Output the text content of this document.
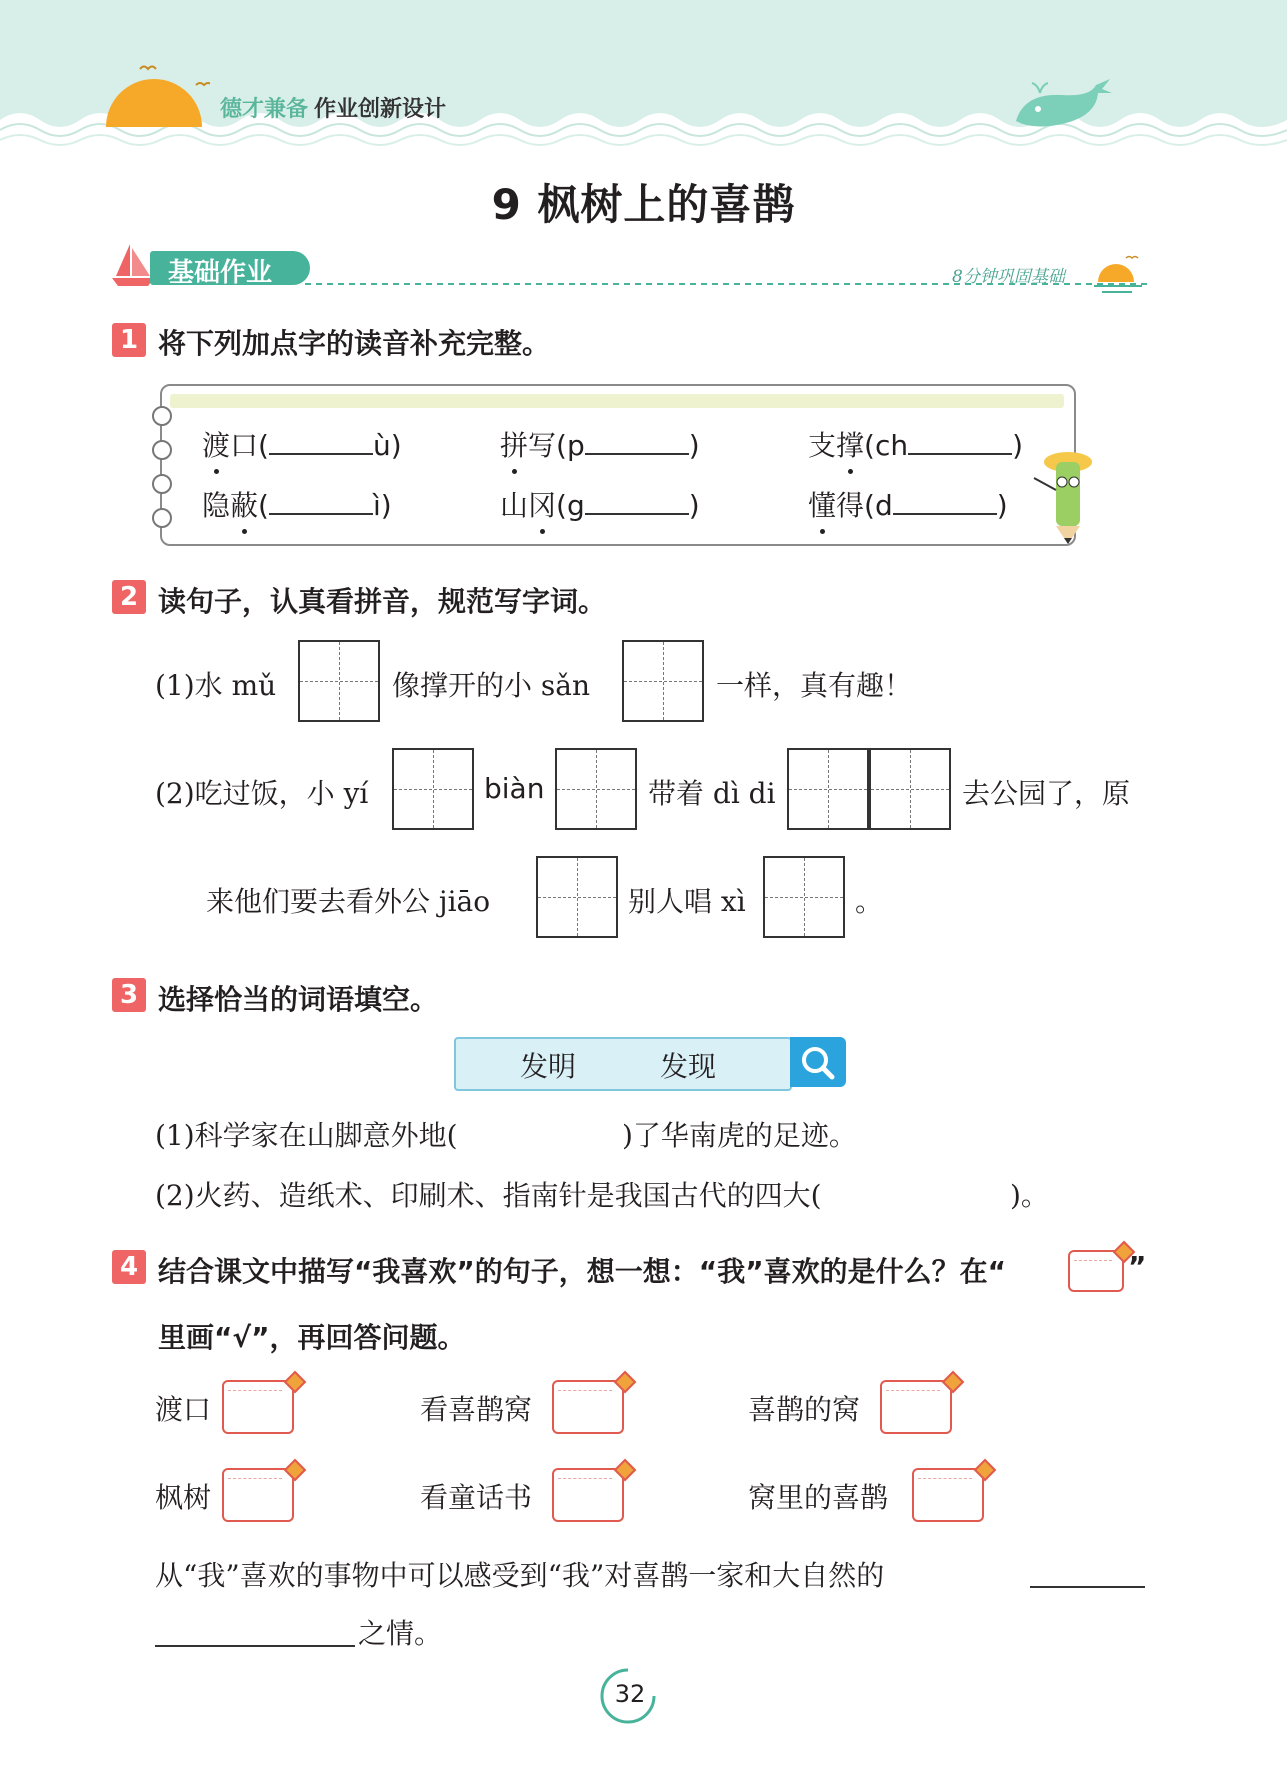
德才兼备 作业创新设计
9 枫树上的喜鹊
基础作业	8分钟巩固基础
1 将下列加点字的读音补充完整。
渡口(	ù)	拼写(p	)	支撑(ch	)
隐蔽(	ì)	山冈(g	)	懂得(d	)
2 读句子，认真看拼音，规范写字词。
(1)水 mǔ	像撑开的小 sǎn	一样，真有趣！
(2)吃过饭，小 yí	biàn	带着 dì di	去公园了，原
来他们要去看外公 jiāo	别人唱 xì	。
3 选择恰当的词语填空。
发明	发现
(1)科学家在山脚意外地(	)了华南虎的足迹。
(2)火药、造纸术、印刷术、指南针是我国古代的四大(	)。
4 结合课文中描写“我喜欢”的句子，想一想：“我”喜欢的是什么？在“	”
里画“√”，再回答问题。
渡口	看喜鹊窝	喜鹊的窝
枫树	看童话书	窝里的喜鹊
从“我”喜欢的事物中可以感受到“我”对喜鹊一家和大自然的
之情。
32
